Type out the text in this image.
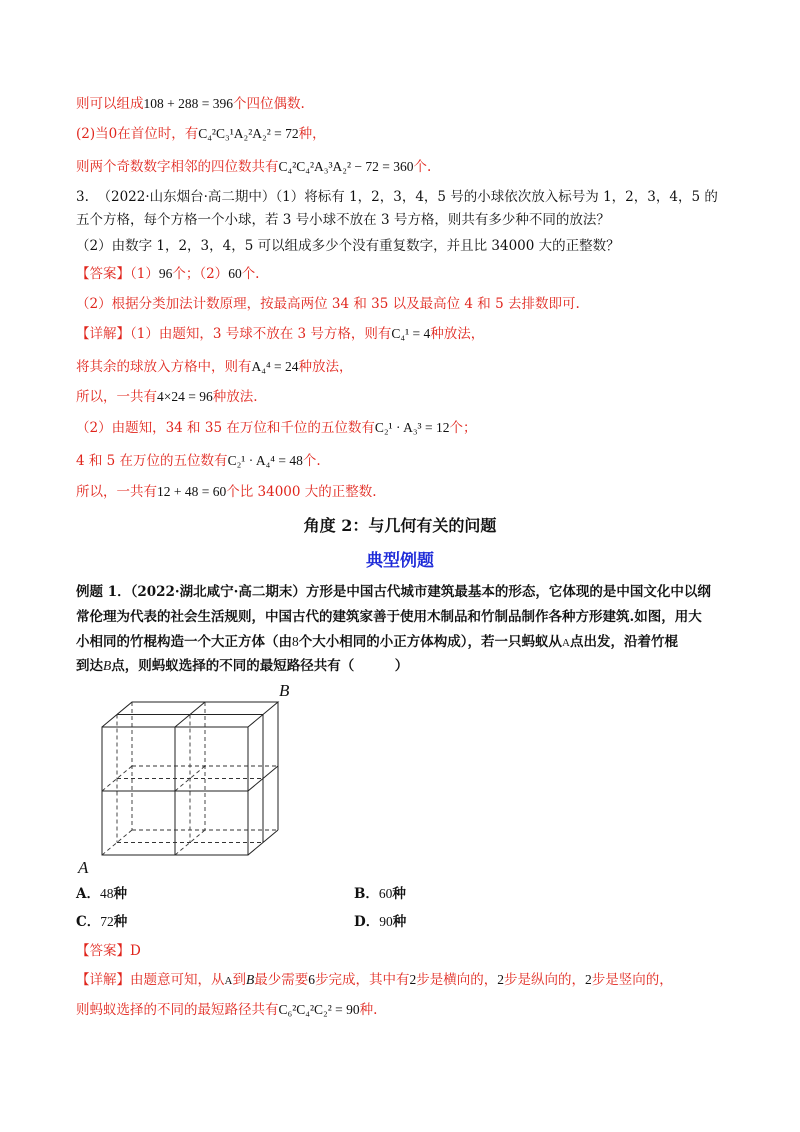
则可以组成108 + 288 = 396个四位偶数.
(2)当0在首位时，有C₄²C₃¹A₂²A₂² = 72种，
则两个奇数数字相邻的四位数共有C₄²C₄²A₃³A₂² − 72 = 360个.
3. （2022·山东烟台·高二期中）（1）将标有 1，2，3，4，5 号的小球依次放入标号为 1，2，3，4，5 的
五个方格，每个方格一个小球，若 3 号小球不放在 3 号方格，则共有多少种不同的放法？
（2）由数字 1，2，3，4，5 可以组成多少个没有重复数字，并且比 34000 大的正整数？
【答案】（1）96个；（2）60个.
（2）根据分类加法计数原理，按最高两位 34 和 35 以及最高位 4 和 5 去排数即可.
【详解】（1）由题知，3 号球不放在 3 号方格，则有C₄¹ = 4种放法，
将其余的球放入方格中，则有A₄⁴ = 24种放法，
所以，一共有4×24 = 96种放法.
（2）由题知，34 和 35 在万位和千位的五位数有C₂¹ · A₃³ = 12个；
4 和 5 在万位的五位数有C₂¹ · A₄⁴ = 48个.
所以，一共有12 + 48 = 60个比 34000 大的正整数.
角度 2：与几何有关的问题
典型例题
例题 1．（2022·湖北咸宁·高二期末）方形是中国古代城市建筑最基本的形态，它体现的是中国文化中以纲
常伦理为代表的社会生活规则，中国古代的建筑家善于使用木制品和竹制品制作各种方形建筑.如图，用大
小相同的竹棍构造一个大正方体（由8个大小相同的小正方体构成），若一只蚂蚁从A点出发，沿着竹棍
到达B点，则蚂蚁选择的不同的最短路径共有（　　　）
B
A
A．48种	B．60种
C．72种	D．90种
【答案】D
【详解】由题意可知，从A到B最少需要6步完成，其中有2步是横向的，2步是纵向的，2步是竖向的，
则蚂蚁选择的不同的最短路径共有C₆²C₄²C₂² = 90种.
